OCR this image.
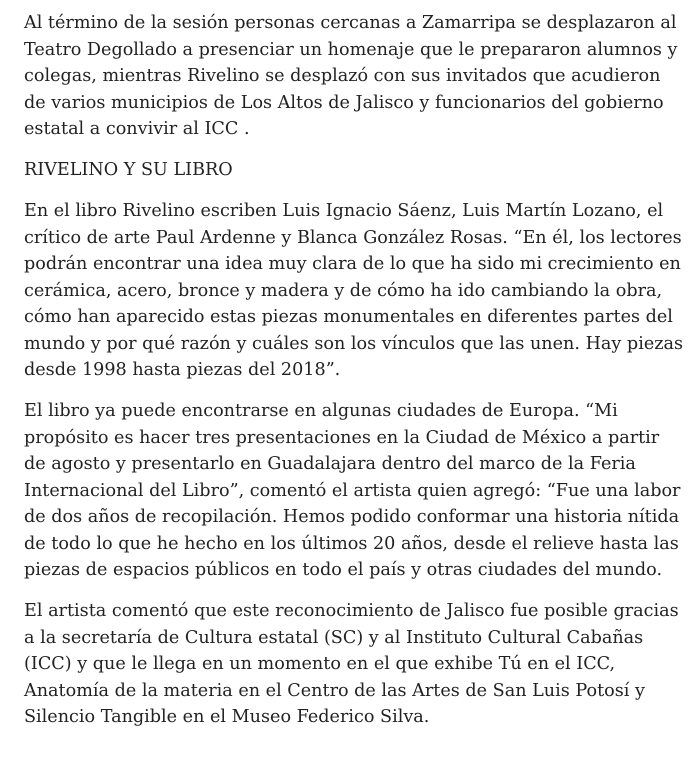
Al término de la sesión personas cercanas a Zamarripa se desplazaron al Teatro Degollado a presenciar un homenaje que le prepararon alumnos y colegas, mientras Rivelino se desplazó con sus invitados que acudieron de varios municipios de Los Altos de Jalisco y funcionarios del gobierno estatal a convivir al ICC .

RIVELINO Y SU LIBRO

En el libro Rivelino escriben Luis Ignacio Sáenz, Luis Martín Lozano, el crítico de arte Paul Ardenne y Blanca González Rosas. “En él, los lectores podrán encontrar una idea muy clara de lo que ha sido mi crecimiento en cerámica, acero, bronce y madera y de cómo ha ido cambiando la obra, cómo han aparecido estas piezas monumentales en diferentes partes del mundo y por qué razón y cuáles son los vínculos que las unen. Hay piezas desde 1998 hasta piezas del 2018”.

El libro ya puede encontrarse en algunas ciudades de Europa. “Mi propósito es hacer tres presentaciones en la Ciudad de México a partir de agosto y presentarlo en Guadalajara dentro del marco de la Feria Internacional del Libro”, comentó el artista quien agregó: “Fue una labor de dos años de recopilación. Hemos podido conformar una historia nítida de todo lo que he hecho en los últimos 20 años, desde el relieve hasta las piezas de espacios públicos en todo el país y otras ciudades del mundo.

El artista comentó que este reconocimiento de Jalisco fue posible gracias a la secretaría de Cultura estatal (SC) y al Instituto Cultural Cabañas (ICC) y que le llega en un momento en el que exhibe Tú en el ICC, Anatomía de la materia en el Centro de las Artes de San Luis Potosí y Silencio Tangible en el Museo Federico Silva.
